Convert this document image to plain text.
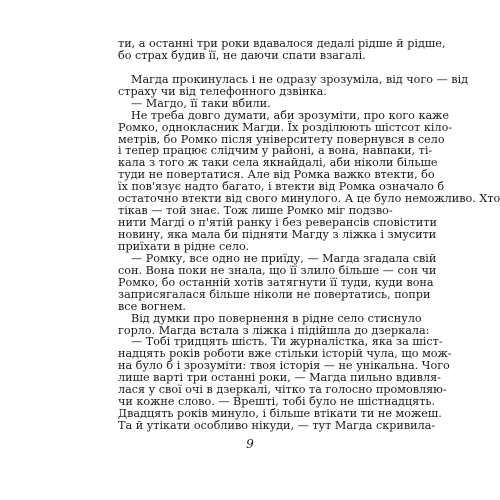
ти, а останні три роки вдавалося дедалі рідше й рідше,
бо страх будив її, не даючи спати взагалі.
Магда прокинулась і не одразу зрозуміла, від чого — від
страху чи від телефонного дзвінка.
— Магдо, її таки вбили.
Не треба довго думати, аби зрозуміти, про кого каже
Ромко, однокласник Магди. Їх розділюють шістсот кіло-
метрів, бо Ромко після університету повернувся в село
і тепер працює слідчим у районі, а вона, навпаки, ті-
кала з того ж таки села якнайдалі, аби ніколи більше
туди не повертатися. Але від Ромка важко втекти, бо
їх пов'язує надто багато, і втекти від Ромка означало б
остаточно втекти від свого минулого. А це було неможливо. Хто
тікав — той знає. Тож лише Ромко міг подзво-
нити Магді о п'ятій ранку і без реверансів сповістити
новину, яка мала би підняти Магду з ліжка і змусити
приїхати в рідне село.
— Ромку, все одно не приїду, — Магда згадала свій
сон. Вона поки не знала, що її злило більше — сон чи
Ромко, бо останній хотів затягнути її туди, куди вона
заприсягалася більше ніколи не повертатись, попри
все вогнем.
Від думки про повернення в рідне село стиснуло
горло. Магда встала з ліжка і підійшла до дзеркала:
— Тобі тридцять шість. Ти журналістка, яка за шіст-
надцять років роботи вже стільки історій чула, що мож-
на було б і зрозуміти: твоя історія — не унікальна. Чого
лише варті три останні роки, — Магда пильно вдивля-
лася у свої очі в дзеркалі, чітко та голосно промовляю-
чи кожне слово. — Врешті, тобі було не шістнадцять.
Двадцять років минуло, і більше втікати ти не можеш.
Та й утікати особливо нікуди, — тут Магда скривила-
9
